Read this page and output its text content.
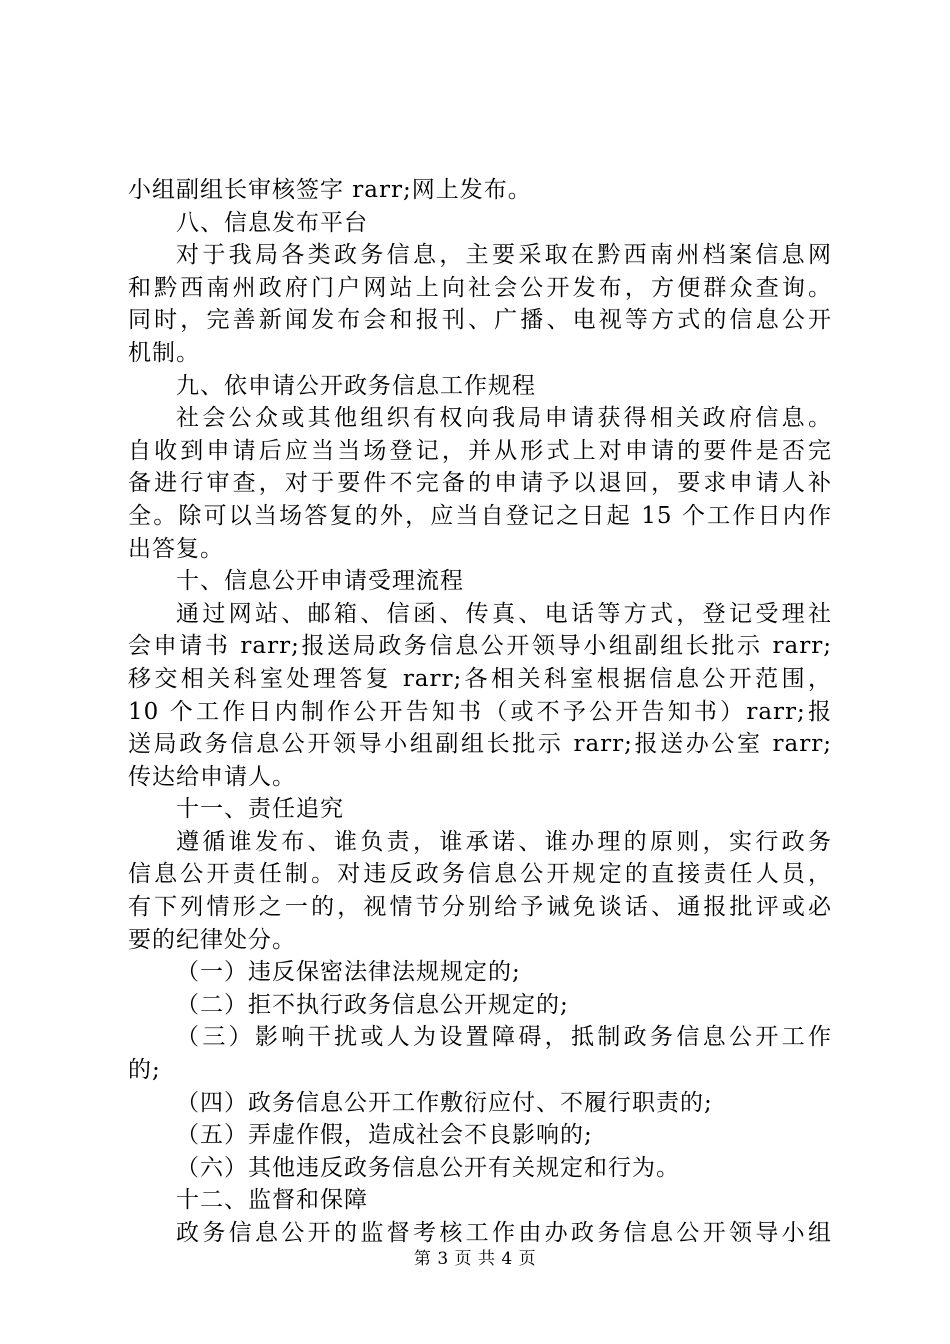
小组副组长审核签字 rarr;网上发布。
八、信息发布平台
对于我局各类政务信息，主要采取在黔西南州档案信息网
和黔西南州政府门户网站上向社会公开发布，方便群众查询。
同时，完善新闻发布会和报刊、广播、电视等方式的信息公开
机制。
九、依申请公开政务信息工作规程
社会公众或其他组织有权向我局申请获得相关政府信息。
自收到申请后应当当场登记，并从形式上对申请的要件是否完
备进行审查，对于要件不完备的申请予以退回，要求申请人补
全。除可以当场答复的外，应当自登记之日起 15 个工作日内作
出答复。
十、信息公开申请受理流程
通过网站、邮箱、信函、传真、电话等方式，登记受理社
会申请书 rarr;报送局政务信息公开领导小组副组长批示 rarr;
移交相关科室处理答复 rarr;各相关科室根据信息公开范围，
10 个工作日内制作公开告知书（或不予公开告知书）rarr;报
送局政务信息公开领导小组副组长批示 rarr;报送办公室 rarr;
传达给申请人。
十一、责任追究
遵循谁发布、谁负责，谁承诺、谁办理的原则，实行政务
信息公开责任制。对违反政务信息公开规定的直接责任人员，
有下列情形之一的，视情节分别给予诫免谈话、通报批评或必
要的纪律处分。
（一）违反保密法律法规规定的;
（二）拒不执行政务信息公开规定的;
（三）影响干扰或人为设置障碍，抵制政务信息公开工作
的;
（四）政务信息公开工作敷衍应付、不履行职责的;
（五）弄虚作假，造成社会不良影响的;
（六）其他违反政务信息公开有关规定和行为。
十二、监督和保障
政务信息公开的监督考核工作由办政务信息公开领导小组
第 3 页 共 4 页
